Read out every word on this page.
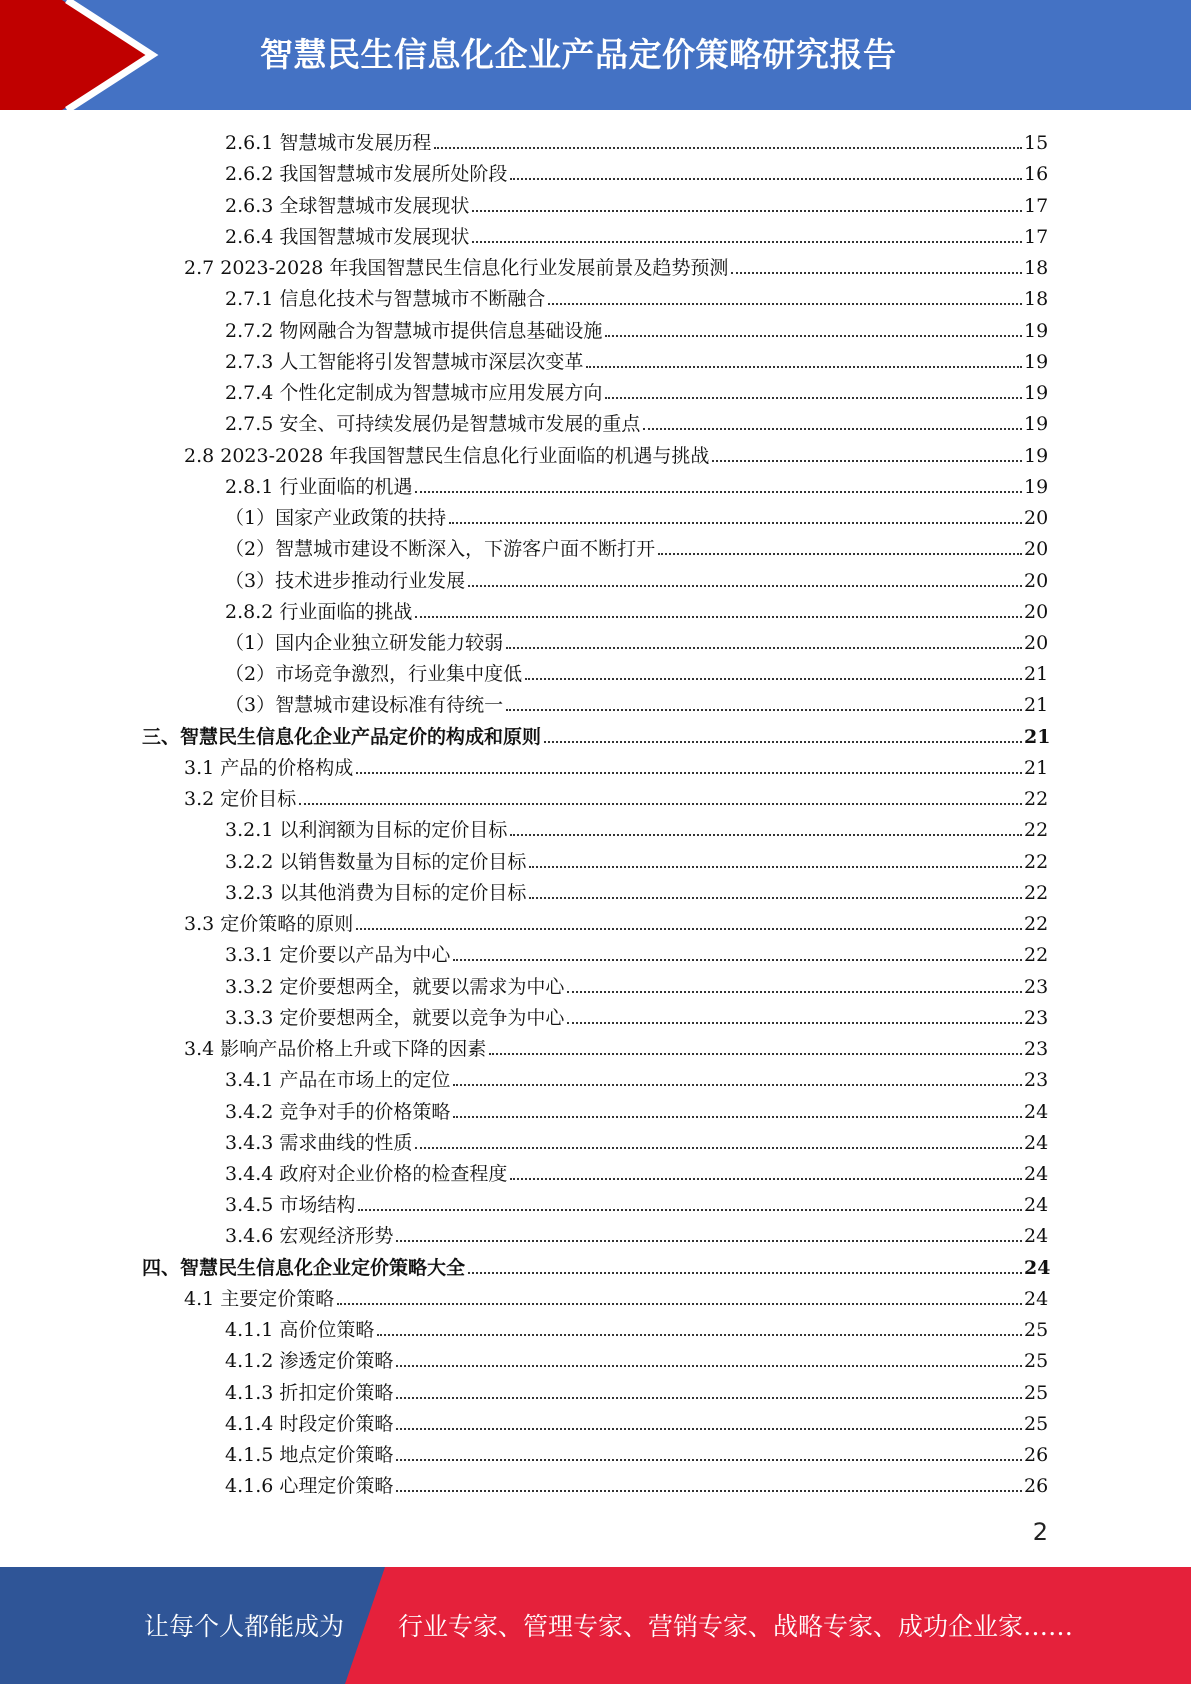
智慧民生信息化企业产品定价策略研究报告
2.6.1 智慧城市发展历程	15
2.6.2 我国智慧城市发展所处阶段	16
2.6.3 全球智慧城市发展现状	17
2.6.4 我国智慧城市发展现状	17
2.7 2023-2028 年我国智慧民生信息化行业发展前景及趋势预测	18
2.7.1 信息化技术与智慧城市不断融合	18
2.7.2 物网融合为智慧城市提供信息基础设施	19
2.7.3 人工智能将引发智慧城市深层次变革	19
2.7.4 个性化定制成为智慧城市应用发展方向	19
2.7.5 安全、可持续发展仍是智慧城市发展的重点	19
2.8 2023-2028 年我国智慧民生信息化行业面临的机遇与挑战	19
2.8.1 行业面临的机遇	19
（1）国家产业政策的扶持	20
（2）智慧城市建设不断深入，下游客户面不断打开	20
（3）技术进步推动行业发展	20
2.8.2 行业面临的挑战	20
（1）国内企业独立研发能力较弱	20
（2）市场竞争激烈，行业集中度低	21
（3）智慧城市建设标准有待统一	21
三、智慧民生信息化企业产品定价的构成和原则	21
3.1 产品的价格构成	21
3.2 定价目标	22
3.2.1 以利润额为目标的定价目标	22
3.2.2 以销售数量为目标的定价目标	22
3.2.3 以其他消费为目标的定价目标	22
3.3 定价策略的原则	22
3.3.1 定价要以产品为中心	22
3.3.2 定价要想两全，就要以需求为中心	23
3.3.3 定价要想两全，就要以竞争为中心	23
3.4 影响产品价格上升或下降的因素	23
3.4.1 产品在市场上的定位	23
3.4.2 竞争对手的价格策略	24
3.4.3 需求曲线的性质	24
3.4.4 政府对企业价格的检查程度	24
3.4.5 市场结构	24
3.4.6 宏观经济形势	24
四、智慧民生信息化企业定价策略大全	24
4.1 主要定价策略	24
4.1.1 高价位策略	25
4.1.2 渗透定价策略	25
4.1.3 折扣定价策略	25
4.1.4 时段定价策略	25
4.1.5 地点定价策略	26
4.1.6 心理定价策略	26
2
让每个人都能成为 行业专家、管理专家、营销专家、战略专家、成功企业家……
